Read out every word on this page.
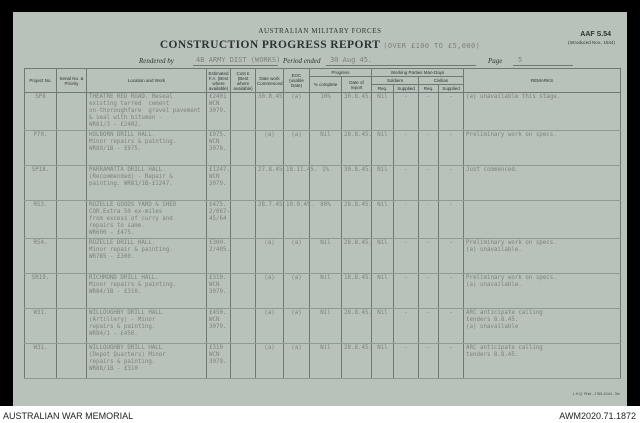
AUSTRALIAN MILITARY FORCES
CONSTRUCTION PROGRESS REPORT (OVER £100 TO £5,000)
AAF S.54
(Introduced Nov., 1944)
Rendered by	4B ARMY DIST (WORKS) Period ended 30 Aug 45.	Page 5
Project No.	Serial No. & Priority	Location and Work	Estimated F.A. (Best where available)	Cost £ (Best where available)	Date work Commenced	EOC (usable Date)	Progress		Working Parties Man-Days				REMARKS
							% complete	Date of report	Soldiers		Civilian		
									Req.	Supplied	Req.	Supplied	

SP8		THEATRE RED ROAD. Reseal
existing tarred  cement
on-thoroughfare  gravel pavement
& seal with bitumen -
WR81/3 - £2402.	£2401
WCN 3079.		30.8.45	(a)	10%	30.8.45.	Nil	-	-	-	(a) unavailable this stage.

P70.		HOLBORN DRILL HALL.
Minor repairs & painting.
WR89/1B - £975.	£975.
WCN 3078.		(a)	(a)	Nil	28.8.45.	Nil	-	-	-	Preliminary work on specs.

SP18.		PARRAMATTA DRILL HALL.
(Recommended) - Repair &
painting. WR81/1B-£1247.	£1247.
WCN 3079.		27.8.45	18.11.45.	1%	30.8.45.	Nil	-	-	-	Just commenced.

R53.		ROZELLE GOODS YARD & SHED
COR.Extra 50 ex-miles
from excess of curry and
repairs to same.
WR600 - £475.	£475.
2/067-
45/64		28.7.45	10.9.45.	80%	28.8.45.	Nil	-	-	-	

R54.		ROZELLE DRILL HALL.
Minor repair & painting.
WR785 - £300.	£300.
2/405.		(a)	(a)	Nil	28.8.45.	Nil	-	-	-	Preliminary work on specs.
(a) unavailable.

SR19.		RICHMOND DRILL HALL.
Minor repairs & painting.
WR84/1B - £310.	£310.
WCN 3079.		(a)	(a)	Nil	18.8.45.	Nil	-	-	-	Preliminary work on specs.
(a) unavailable.

W31.		WILLOUGHBY DRILL HALL
(Artillery) - Minor
repairs & painting.
WR84/1 - £450.	£450.
WCN 3079.		(a)	(a)	Nil	28.8.45.	Nil	-	-	-	ARC anticipate calling
tenders 8.8.45.
(a) unavailable

W31.		WILLOUGHBY DRILL HALL
(Depot Quarters) Minor
repairs & painting.
WR88/1B - £310	£310
WCN 3079.		(a)	(a)	Nil	28.8.45.	Nil	-	-	-	ARC anticipate calling
tenders 8.8.45.
L.H.Q. Print - 1769-11/44 - 5m
AUSTRALIAN WAR MEMORIAL	AWM2020.71.1872
